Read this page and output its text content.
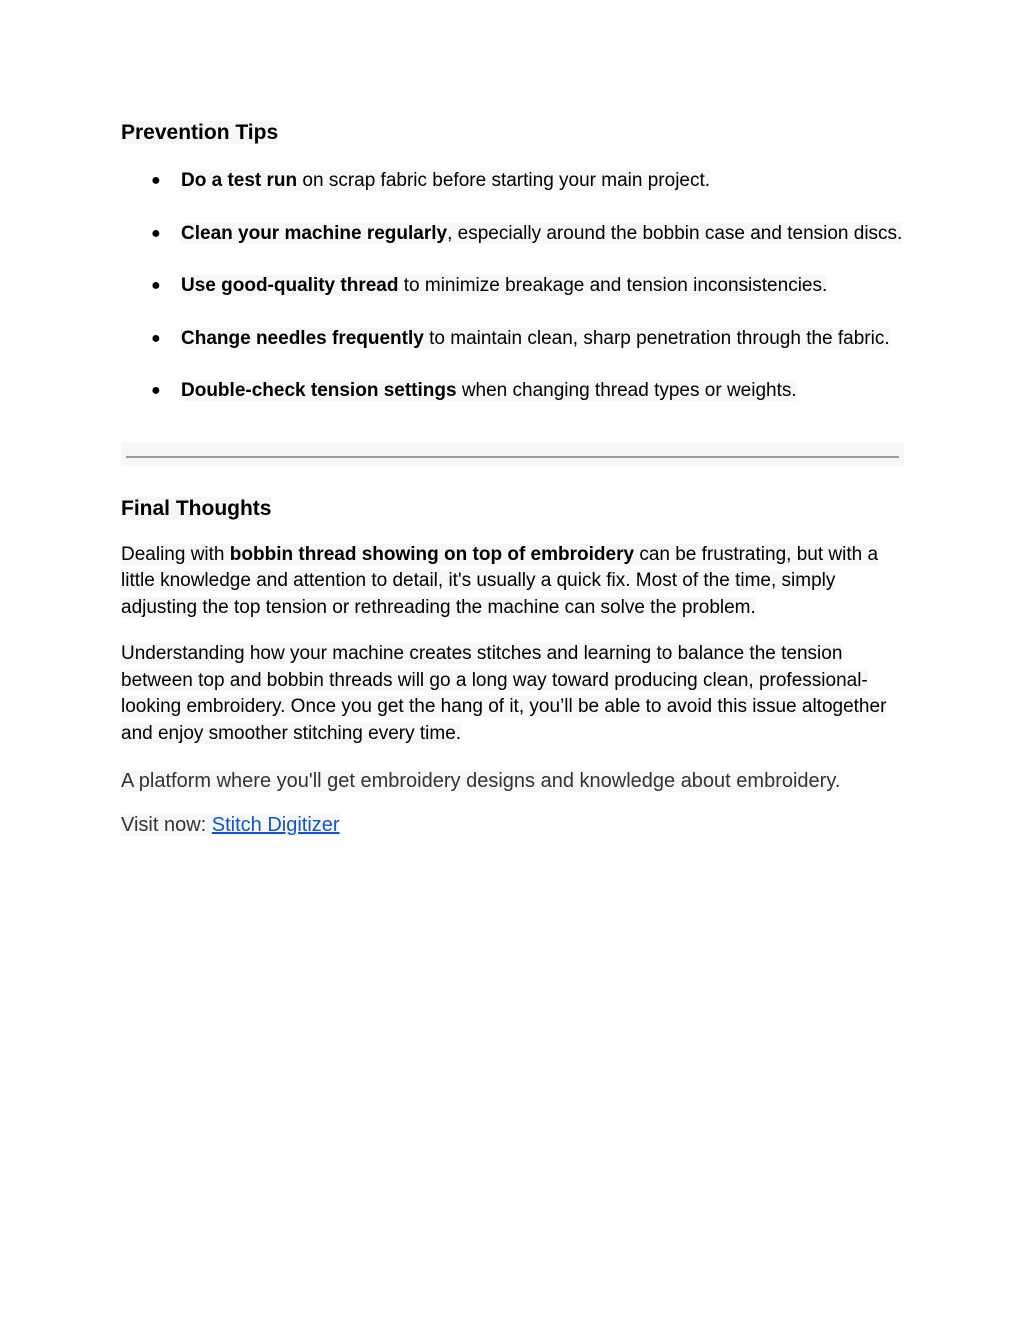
Prevention Tips
● Do a test run on scrap fabric before starting your main project.
● Clean your machine regularly, especially around the bobbin case and tension discs.
● Use good-quality thread to minimize breakage and tension inconsistencies.
● Change needles frequently to maintain clean, sharp penetration through the fabric.
● Double-check tension settings when changing thread types or weights.
Final Thoughts

Dealing with bobbin thread showing on top of embroidery can be frustrating, but with a little knowledge and attention to detail, it's usually a quick fix. Most of the time, simply adjusting the top tension or rethreading the machine can solve the problem.

Understanding how your machine creates stitches and learning to balance the tension between top and bobbin threads will go a long way toward producing clean, professional-looking embroidery. Once you get the hang of it, you’ll be able to avoid this issue altogether and enjoy smoother stitching every time.

A platform where you'll get embroidery designs and knowledge about embroidery.

Visit now: Stitch Digitizer
